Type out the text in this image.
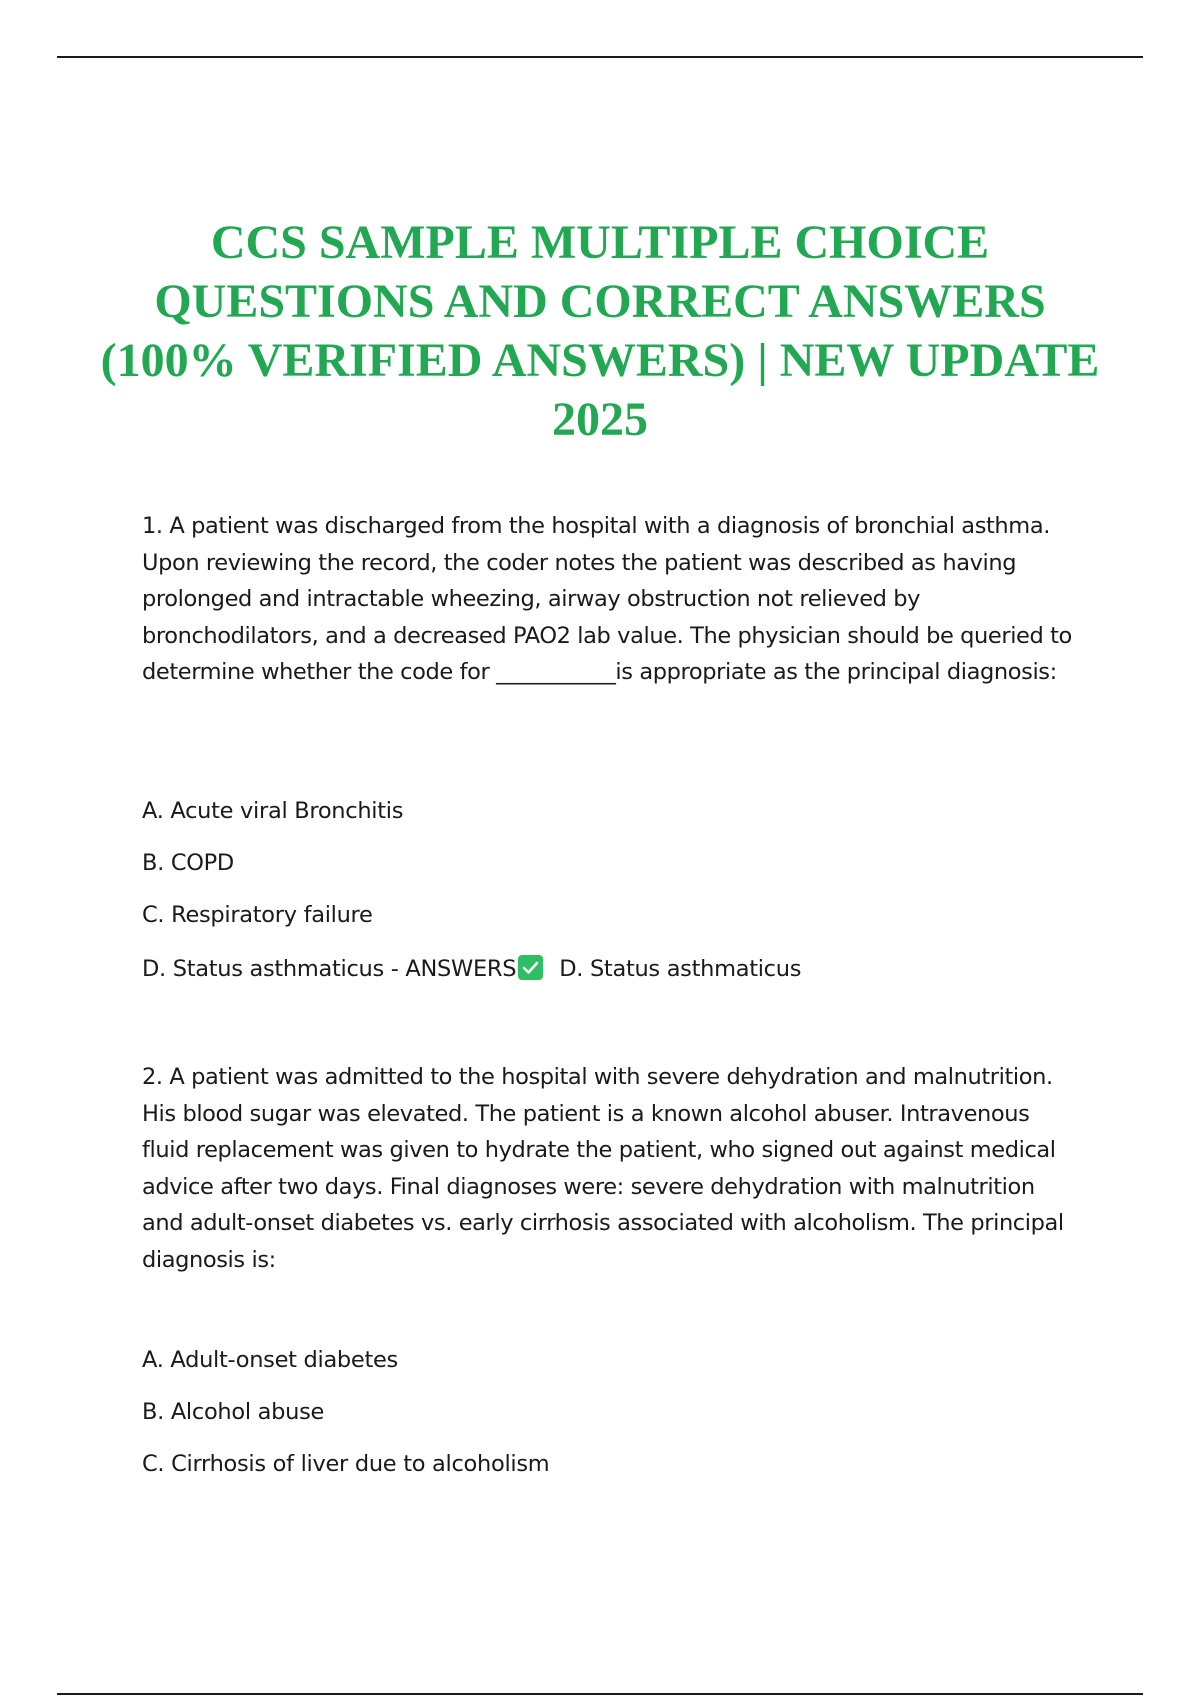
CCS SAMPLE MULTIPLE CHOICE QUESTIONS AND CORRECT ANSWERS (100% VERIFIED ANSWERS) | NEW UPDATE 2025

1. A patient was discharged from the hospital with a diagnosis of bronchial asthma. Upon reviewing the record, the coder notes the patient was described as having prolonged and intractable wheezing, airway obstruction not relieved by bronchodilators, and a decreased PAO2 lab value. The physician should be queried to determine whether the code for ___________is appropriate as the principal diagnosis:

A. Acute viral Bronchitis

B. COPD

C. Respiratory failure

D. Status asthmaticus - ANSWERS D. Status asthmaticus

2. A patient was admitted to the hospital with severe dehydration and malnutrition. His blood sugar was elevated. The patient is a known alcohol abuser. Intravenous fluid replacement was given to hydrate the patient, who signed out against medical advice after two days. Final diagnoses were: severe dehydration with malnutrition and adult-onset diabetes vs. early cirrhosis associated with alcoholism. The principal diagnosis is:

A. Adult-onset diabetes

B. Alcohol abuse

C. Cirrhosis of liver due to alcoholism
